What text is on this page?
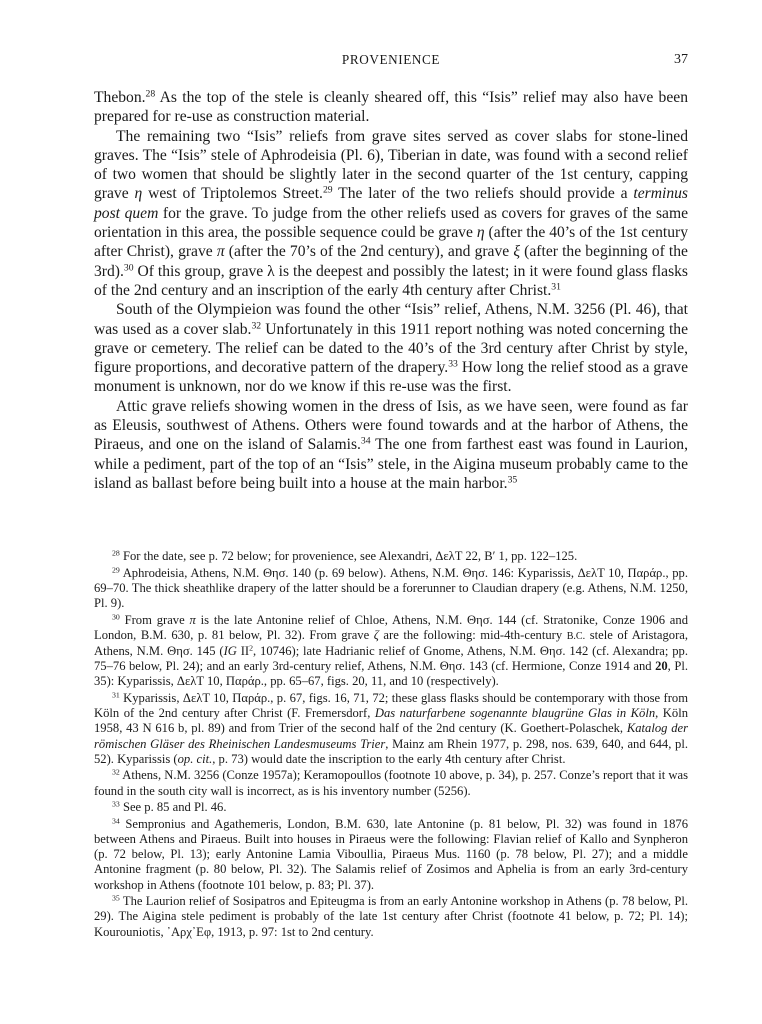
PROVENIENCE	37

Thebon.$^{28}$ As the top of the stele is cleanly sheared off, this “Isis” relief may also have been prepared for re-use as construction material.

The remaining two “Isis” reliefs from grave sites served as cover slabs for stone-lined graves. The “Isis” stele of Aphrodeisia (Pl. 6), Tiberian in date, was found with a second relief of two women that should be slightly later in the second quarter of the 1st century, capping grave η west of Triptolemos Street.$^{29}$ The later of the two reliefs should provide a terminus post quem for the grave. To judge from the other reliefs used as covers for graves of the same orientation in this area, the possible sequence could be grave η (after the 40’s of the 1st century after Christ), grave π (after the 70’s of the 2nd century), and grave ξ (after the beginning of the 3rd).$^{30}$ Of this group, grave λ is the deepest and possibly the latest; in it were found glass flasks of the 2nd century and an inscription of the early 4th century after Christ.$^{31}$

South of the Olympieion was found the other “Isis” relief, Athens, N.M. 3256 (Pl. 46), that was used as a cover slab.$^{32}$ Unfortunately in this 1911 report nothing was noted concerning the grave or cemetery. The relief can be dated to the 40’s of the 3rd century after Christ by style, figure proportions, and decorative pattern of the drapery.$^{33}$ How long the relief stood as a grave monument is unknown, nor do we know if this re-use was the first.

Attic grave reliefs showing women in the dress of Isis, as we have seen, were found as far as Eleusis, southwest of Athens. Others were found towards and at the harbor of Athens, the Piraeus, and one on the island of Salamis.$^{34}$ The one from farthest east was found in Laurion, while a pediment, part of the top of an “Isis” stele, in the Aigina museum probably came to the island as ballast before being built into a house at the main harbor.$^{35}$

$^{28}$ For the date, see p. 72 below; for provenience, see Alexandri, ΔελΤ 22, Β′ 1, pp. 122–125.

$^{29}$ Aphrodeisia, Athens, N.M. Θησ. 140 (p. 69 below). Athens, N.M. Θησ. 146: Kyparissis, ΔελΤ 10, Παράρ., pp. 69–70. The thick sheathlike drapery of the latter should be a forerunner to Claudian drapery (e.g. Athens, N.M. 1250, Pl. 9).

$^{30}$ From grave π is the late Antonine relief of Chloe, Athens, N.M. Θησ. 144 (cf. Stratonike, Conze 1906 and London, B.M. 630, p. 81 below, Pl. 32). From grave ζ are the following: mid-4th-century B.C. stele of Aristagora, Athens, N.M. Θησ. 145 (IG $II^2$, 10746); late Hadrianic relief of Gnome, Athens, N.M. Θησ. 142 (cf. Alexandra; pp. 75–76 below, Pl. 24); and an early 3rd-century relief, Athens, N.M. Θησ. 143 (cf. Hermione, Conze 1914 and 20, Pl. 35): Kyparissis, ΔελΤ 10, Παράρ., pp. 65–67, figs. 20, 11, and 10 (respectively).

$^{31}$ Kyparissis, ΔελΤ 10, Παράρ., p. 67, figs. 16, 71, 72; these glass flasks should be contemporary with those from Köln of the 2nd century after Christ (F. Fremersdorf, Das naturfarbene sogenannte blaugrüne Glas in Köln, Köln 1958, 43 N 616 b, pl. 89) and from Trier of the second half of the 2nd century (K. Goethert-Polaschek, Katalog der römischen Gläser des Rheinischen Landesmuseums Trier, Mainz am Rhein 1977, p. 298, nos. 639, 640, and 644, pl. 52). Kyparissis (op. cit., p. 73) would date the inscription to the early 4th century after Christ.

$^{32}$ Athens, N.M. 3256 (Conze 1957a); Keramopoullos (footnote 10 above, p. 34), p. 257. Conze’s report that it was found in the south city wall is incorrect, as is his inventory number (5256).

$^{33}$ See p. 85 and Pl. 46.

$^{34}$ Sempronius and Agathemeris, London, B.M. 630, late Antonine (p. 81 below, Pl. 32) was found in 1876 between Athens and Piraeus. Built into houses in Piraeus were the following: Flavian relief of Kallo and Synpheron (p. 72 below, Pl. 13); early Antonine Lamia Viboullia, Piraeus Mus. 1160 (p. 78 below, Pl. 27); and a middle Antonine fragment (p. 80 below, Pl. 32). The Salamis relief of Zosimos and Aphelia is from an early 3rd-century workshop in Athens (footnote 101 below, p. 83; Pl. 37).

$^{35}$ The Laurion relief of Sosipatros and Epiteugma is from an early Antonine workshop in Athens (p. 78 below, Pl. 29). The Aigina stele pediment is probably of the late 1st century after Christ (footnote 41 below, p. 72; Pl. 14); Kourouniotis, ᾿Αρχ᾿Εφ, 1913, p. 97: 1st to 2nd century.
